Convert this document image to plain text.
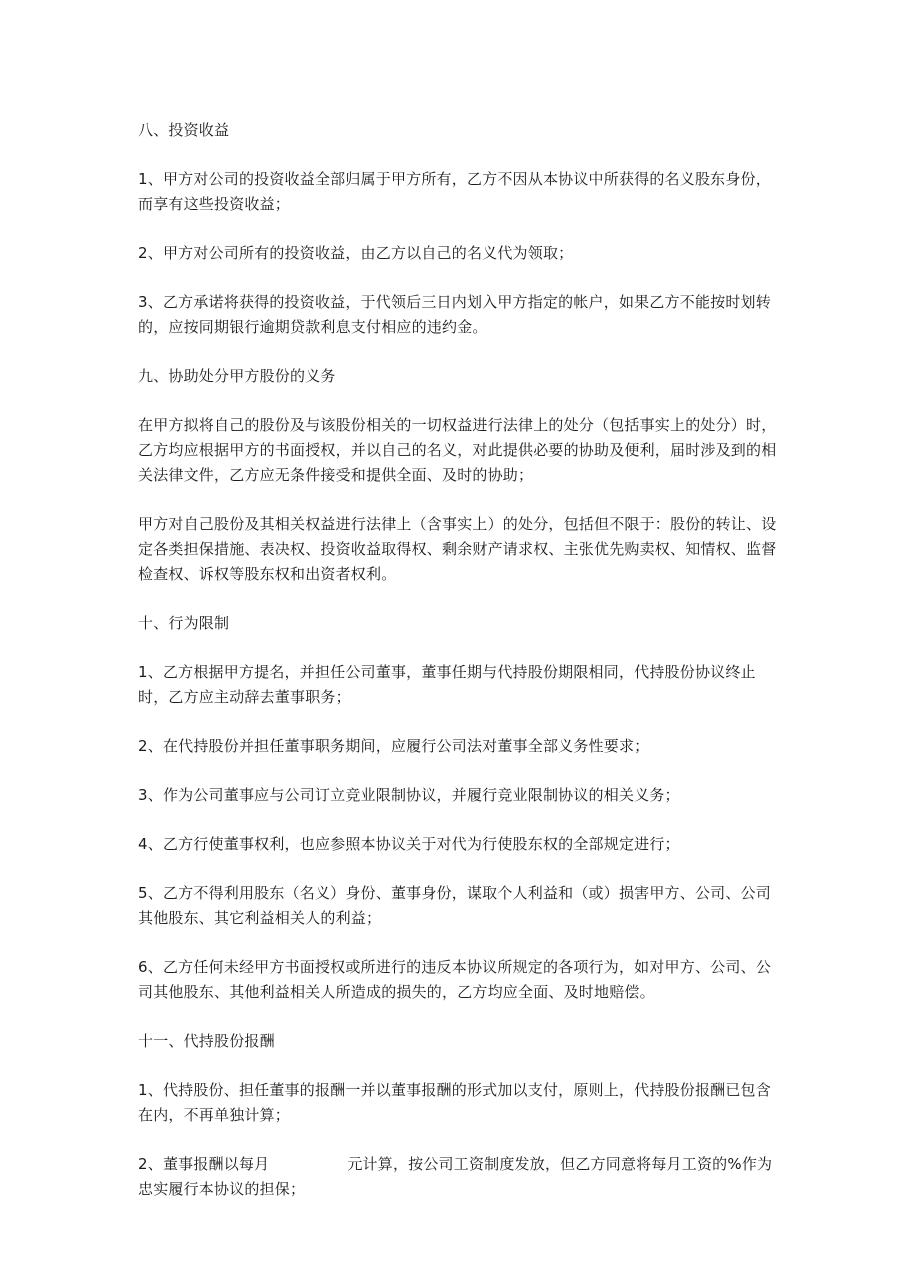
八、投资收益
1、甲方对公司的投资收益全部归属于甲方所有，乙方不因从本协议中所获得的名义股东身份，而享有这些投资收益；
2、甲方对公司所有的投资收益，由乙方以自己的名义代为领取；
3、乙方承诺将获得的投资收益，于代领后三日内划入甲方指定的帐户，如果乙方不能按时划转的，应按同期银行逾期贷款利息支付相应的违约金。
九、协助处分甲方股份的义务
在甲方拟将自己的股份及与该股份相关的一切权益进行法律上的处分（包括事实上的处分）时，乙方均应根据甲方的书面授权，并以自己的名义，对此提供必要的协助及便利，届时涉及到的相关法律文件，乙方应无条件接受和提供全面、及时的协助；
甲方对自己股份及其相关权益进行法律上（含事实上）的处分，包括但不限于：股份的转让、设定各类担保措施、表决权、投资收益取得权、剩余财产请求权、主张优先购卖权、知情权、监督检查权、诉权等股东权和出资者权利。
十、行为限制
1、乙方根据甲方提名，并担任公司董事，董事任期与代持股份期限相同，代持股份协议终止时，乙方应主动辞去董事职务；
2、在代持股份并担任董事职务期间，应履行公司法对董事全部义务性要求；
3、作为公司董事应与公司订立竞业限制协议，并履行竞业限制协议的相关义务；
4、乙方行使董事权利，也应参照本协议关于对代为行使股东权的全部规定进行；
5、乙方不得利用股东（名义）身份、董事身份，谋取个人利益和（或）损害甲方、公司、公司其他股东、其它利益相关人的利益；
6、乙方任何未经甲方书面授权或所进行的违反本协议所规定的各项行为，如对甲方、公司、公司其他股东、其他利益相关人所造成的损失的，乙方均应全面、及时地赔偿。
十一、代持股份报酬
1、代持股份、担任董事的报酬一并以董事报酬的形式加以支付，原则上，代持股份报酬已包含在内，不再单独计算；
2、董事报酬以每月	元计算，按公司工资制度发放，但乙方同意将每月工资的%作为忠实履行本协议的担保；
